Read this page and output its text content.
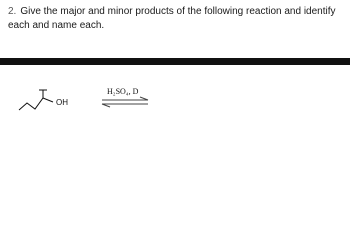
2. Give the major and minor products of the following reaction and identify each and name each.
OH
H₂SO₄, D
